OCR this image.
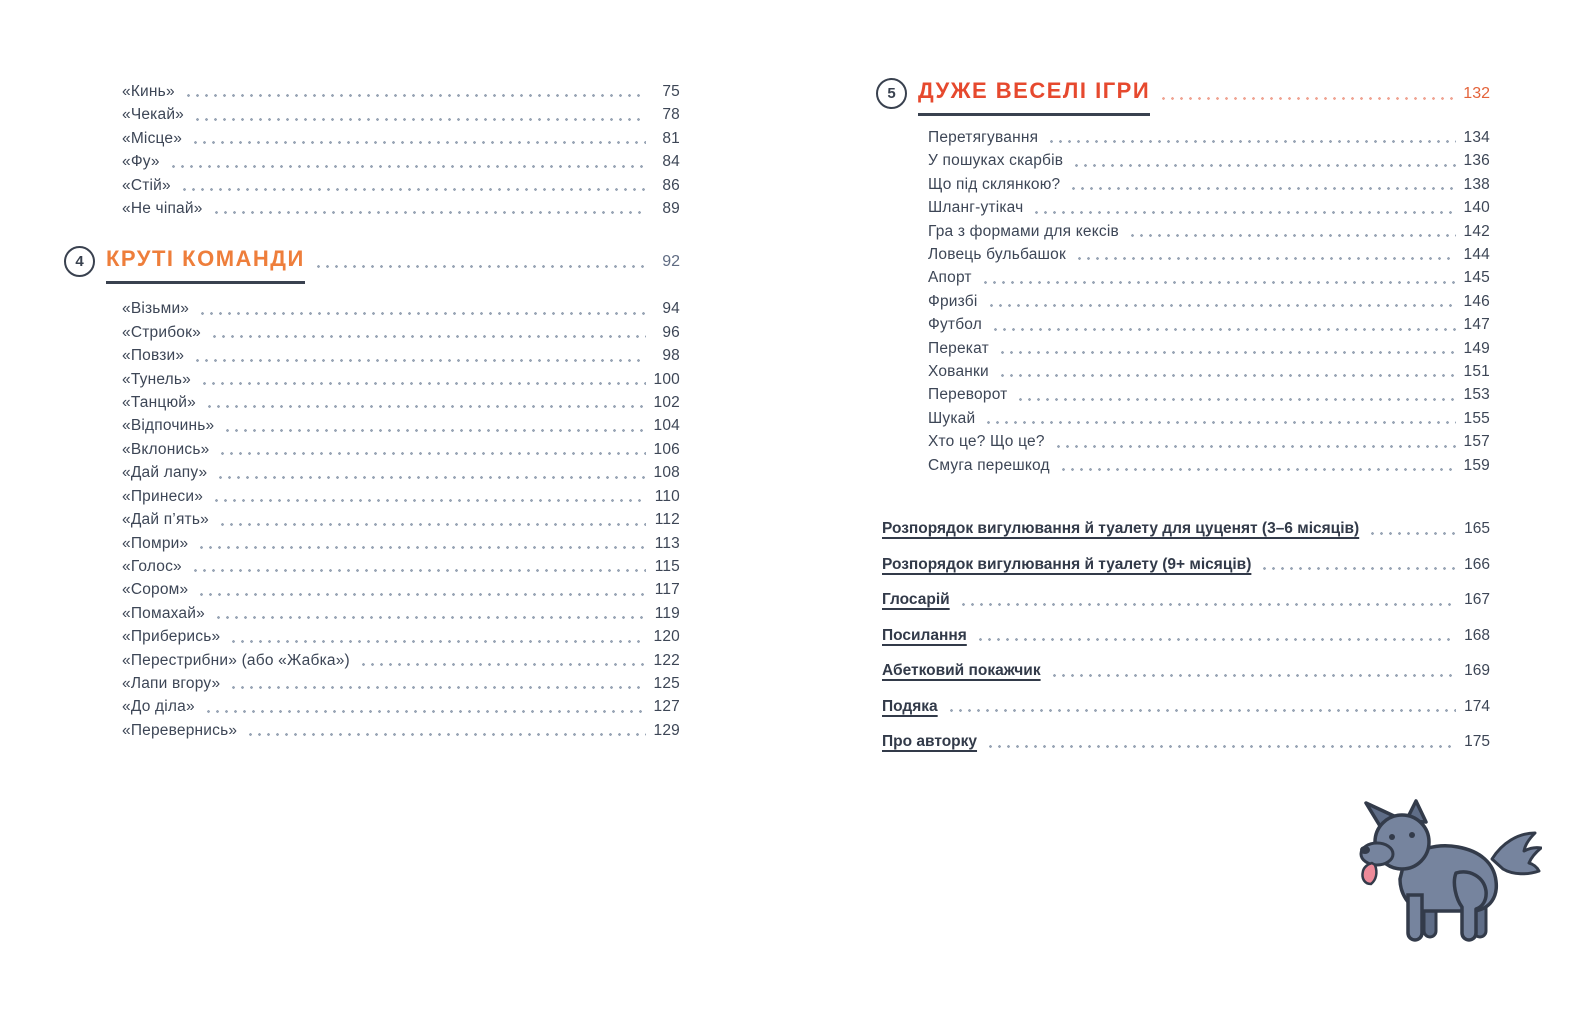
«Кинь»	75
«Чекай»	78
«Місце»	81
«Фу»	84
«Стій»	86
«Не чіпай»	89
4	КРУТІ КОМАНДИ	92
«Візьми»	94
«Стрибок»	96
«Повзи»	98
«Тунель»	100
«Танцюй»	102
«Відпочинь»	104
«Вклонись»	106
«Дай лапу»	108
«Принеси»	110
«Дай п’ять»	112
«Помри»	113
«Голос»	115
«Сором»	117
«Помахай»	119
«Приберись»	120
«Перестрибни» (або «Жабка»)	122
«Лапи вгору»	125
«До діла»	127
«Перевернись»	129
5	ДУЖЕ ВЕСЕЛІ ІГРИ	132
Перетягування	134
У пошуках скарбів	136
Що під склянкою?	138
Шланг-утікач	140
Гра з формами для кексів	142
Ловець бульбашок	144
Апорт	145
Фризбі	146
Футбол	147
Перекат	149
Хованки	151
Переворот	153
Шукай	155
Хто це? Що це?	157
Смуга перешкод	159
Розпорядок вигулювання й туалету для цуценят (3–6 місяців)	165
Розпорядок вигулювання й туалету (9+ місяців)	166
Глосарій	167
Посилання	168
Абетковий покажчик	169
Подяка	174
Про авторку	175
